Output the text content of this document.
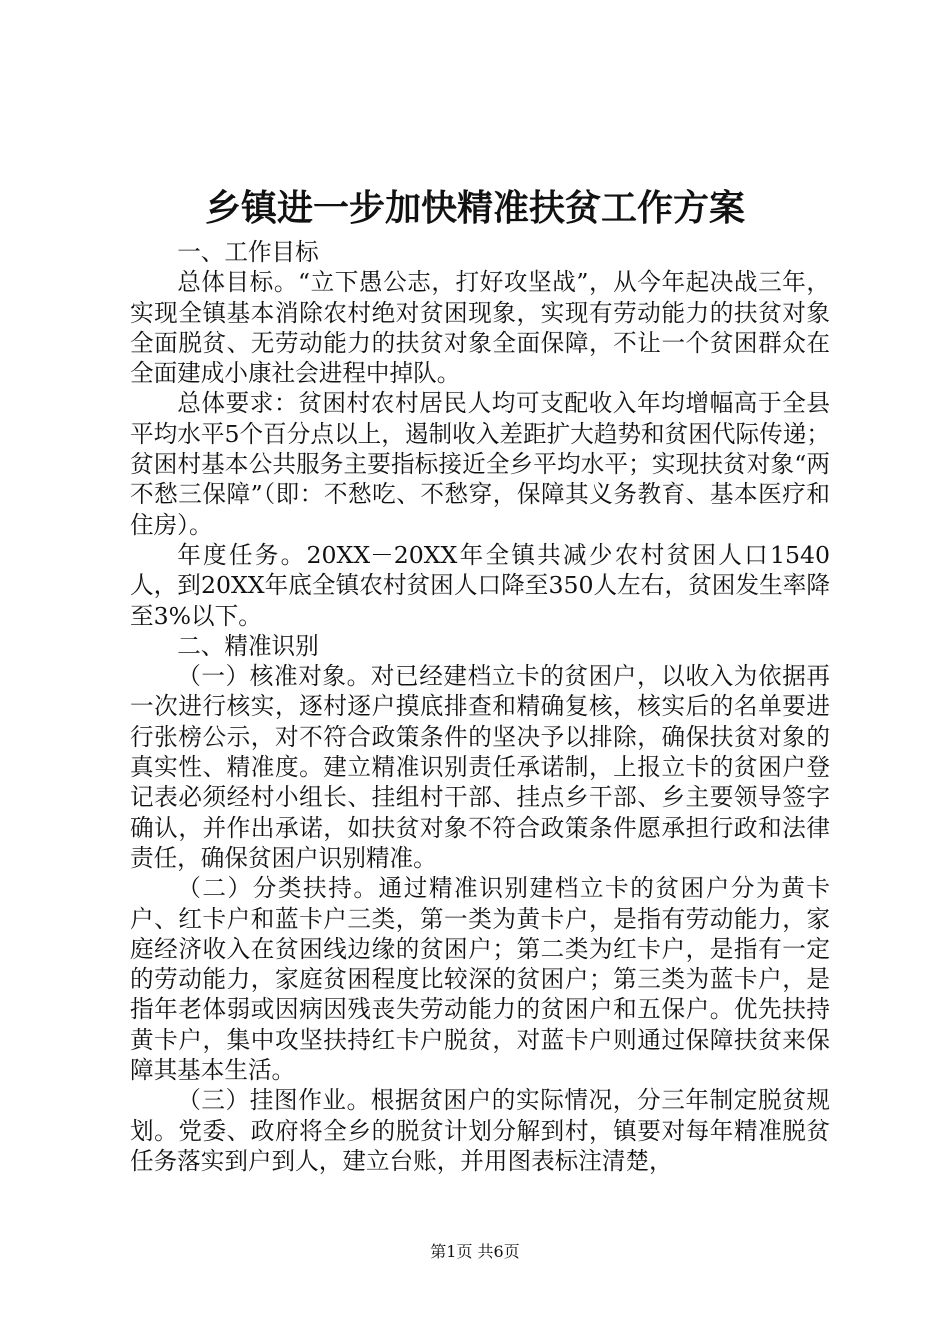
乡镇进一步加快精准扶贫工作方案

一、工作目标

总体目标。“立下愚公志，打好攻坚战”，从今年起决战三年，实现全镇基本消除农村绝对贫困现象，实现有劳动能力的扶贫对象全面脱贫、无劳动能力的扶贫对象全面保障，不让一个贫困群众在全面建成小康社会进程中掉队。

总体要求：贫困村农村居民人均可支配收入年均增幅高于全县平均水平5个百分点以上，遏制收入差距扩大趋势和贫困代际传递；贫困村基本公共服务主要指标接近全乡平均水平；实现扶贫对象“两不愁三保障”（即：不愁吃、不愁穿，保障其义务教育、基本医疗和住房）。

年度任务。20XX－20XX年全镇共减少农村贫困人口1540人，到20XX年底全镇农村贫困人口降至350人左右，贫困发生率降至3%以下。

二、精准识别

（一）核准对象。对已经建档立卡的贫困户，以收入为依据再一次进行核实，逐村逐户摸底排查和精确复核，核实后的名单要进行张榜公示，对不符合政策条件的坚决予以排除，确保扶贫对象的真实性、精准度。建立精准识别责任承诺制，上报立卡的贫困户登记表必须经村小组长、挂组村干部、挂点乡干部、乡主要领导签字确认，并作出承诺，如扶贫对象不符合政策条件愿承担行政和法律责任，确保贫困户识别精准。

（二）分类扶持。通过精准识别建档立卡的贫困户分为黄卡户、红卡户和蓝卡户三类，第一类为黄卡户，是指有劳动能力，家庭经济收入在贫困线边缘的贫困户；第二类为红卡户，是指有一定的劳动能力，家庭贫困程度比较深的贫困户；第三类为蓝卡户，是指年老体弱或因病因残丧失劳动能力的贫困户和五保户。优先扶持黄卡户，集中攻坚扶持红卡户脱贫，对蓝卡户则通过保障扶贫来保障其基本生活。

（三）挂图作业。根据贫困户的实际情况，分三年制定脱贫规划。党委、政府将全乡的脱贫计划分解到村，镇要对每年精准脱贫任务落实到户到人，建立台账，并用图表标注清楚，

第1页 共6页
